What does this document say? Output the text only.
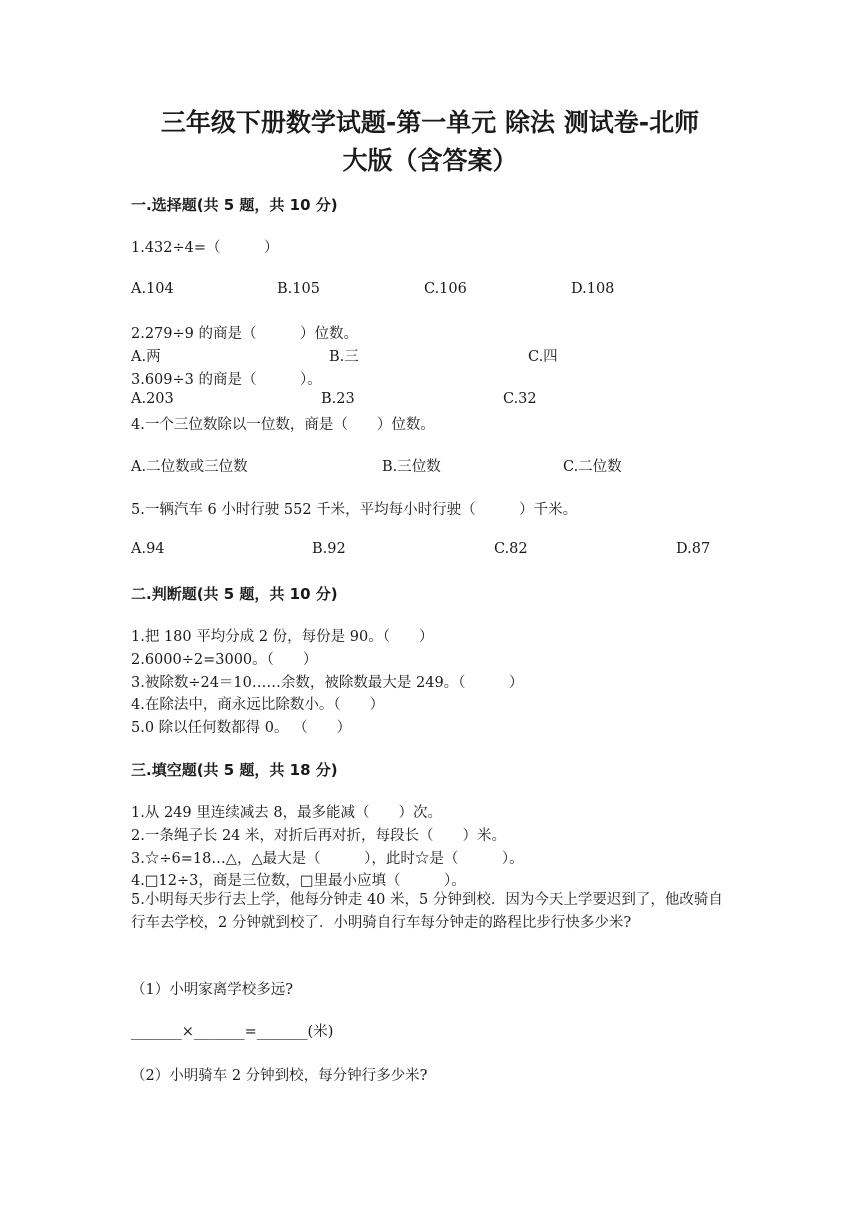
三年级下册数学试题-第一单元 除法 测试卷-北师
大版（含答案）
一.选择题(共 5 题，共 10 分)
1.432÷4=（　　　）
A.104	B.105	C.106	D.108
2.279÷9 的商是（　　　）位数。
A.两	B.三	C.四
3.609÷3 的商是（　　　）。
A.203	B.23	C.32
4.一个三位数除以一位数，商是（　　）位数。
A.二位数或三位数	B.三位数	C.二位数
5.一辆汽车 6 小时行驶 552 千米，平均每小时行驶（　　　）千米。
A.94	B.92	C.82	D.87
二.判断题(共 5 题，共 10 分)
1.把 180 平均分成 2 份，每份是 90。（　　）
2.6000÷2=3000。（　　）
3.被除数÷24＝10……余数，被除数最大是 249。（　　　）
4.在除法中，商永远比除数小。（　　）
5.0 除以任何数都得 0。 （　　）
三.填空题(共 5 题，共 18 分)
1.从 249 里连续减去 8，最多能减（　　）次。
2.一条绳子长 24 米，对折后再对折，每段长（　　）米。
3.☆÷6=18…△，△最大是（　　　），此时☆是（　　　）。
4.□12÷3，商是三位数，□里最小应填（　　　）。
5.小明每天步行去上学，他每分钟走 40 米，5 分钟到校．因为今天上学要迟到了，他改骑自行车去学校，2 分钟就到校了．小明骑自行车每分钟走的路程比步行快多少米?
（1）小明家离学校多远?
_______×_______=_______(米)
（2）小明骑车 2 分钟到校，每分钟行多少米?
